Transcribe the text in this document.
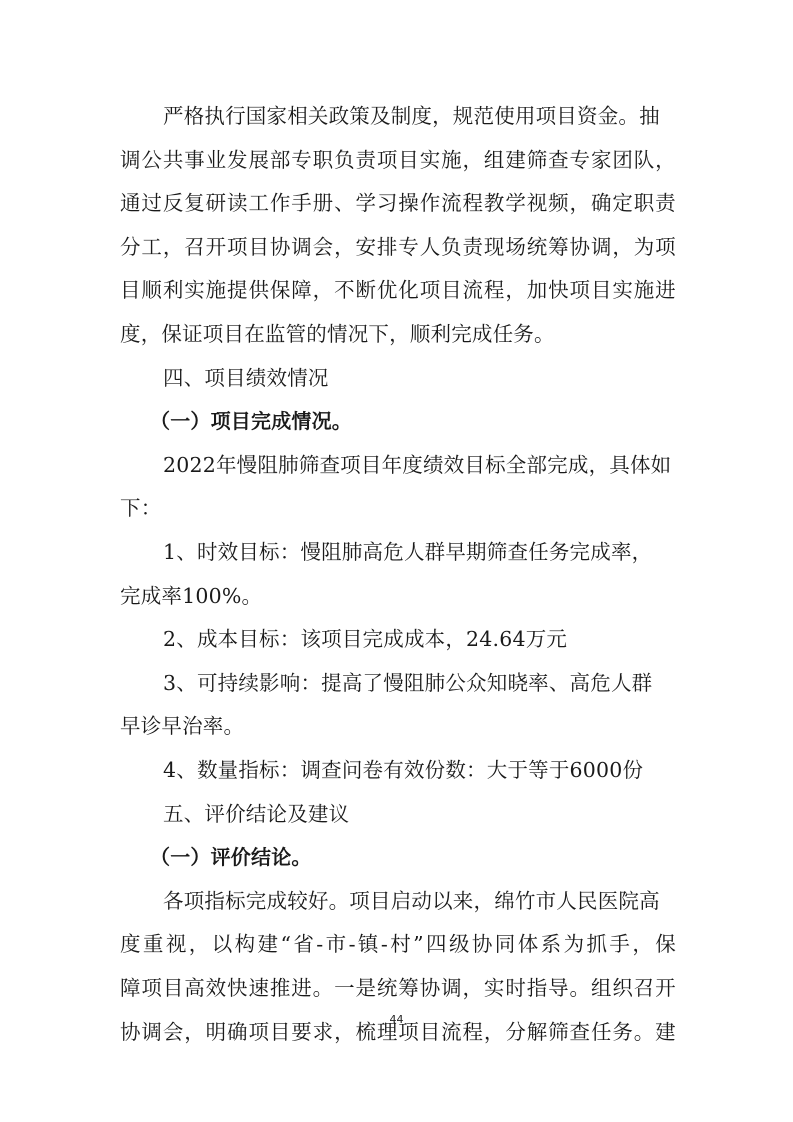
严格执行国家相关政策及制度，规范使用项目资金。抽
调 公 共 事 业 发 展 部 专 职 负 责 项 目 实 施 ， 组 建 筛 查 专 家 团 队 ，
通 过 反 复 研 读 工 作 手 册 、 学 习 操 作 流 程 教 学 视 频 ， 确 定 职 责
分 工 ， 召 开 项 目 协 调 会 ， 安 排 专 人 负 责 现 场 统 筹 协 调 ， 为 项
目 顺 利 实 施 提 供 保 障 ， 不 断 优 化 项 目 流 程 ， 加 快 项 目 实 施 进
度，保证项目在监管的情况下，顺利完成任务。
四、项目绩效情况
（一）项目完成情况。
2022年慢阻肺筛查项目年度绩效目标全部完成，具体如
下：
1、时效目标：慢阻肺高危人群早期筛查任务完成率，
完成率100%。
2、成本目标：该项目完成成本，24.64万元
3、可持续影响：提高了慢阻肺公众知晓率、高危人群
早诊早治率。
4、数量指标：调查问卷有效份数：大于等于6000份
五、评价结论及建议
（一）评价结论。
各项指标完成较好。项目启动以来，绵竹市人民医院高
度 重 视 ， 以 构 建 “ 省 - 市 - 镇 - 村 ” 四 级 协 同 体 系 为 抓 手 ， 保
障 项 目 高 效 快 速 推 进 。 一 是 统 筹 协 调 ， 实 时 指 导 。 组 织 召 开
协 调 会 ， 明 确 项 目 要 求 ， 梳 理 项 目 流 程 ， 分 解 筛 查 任 务 。 建
44
